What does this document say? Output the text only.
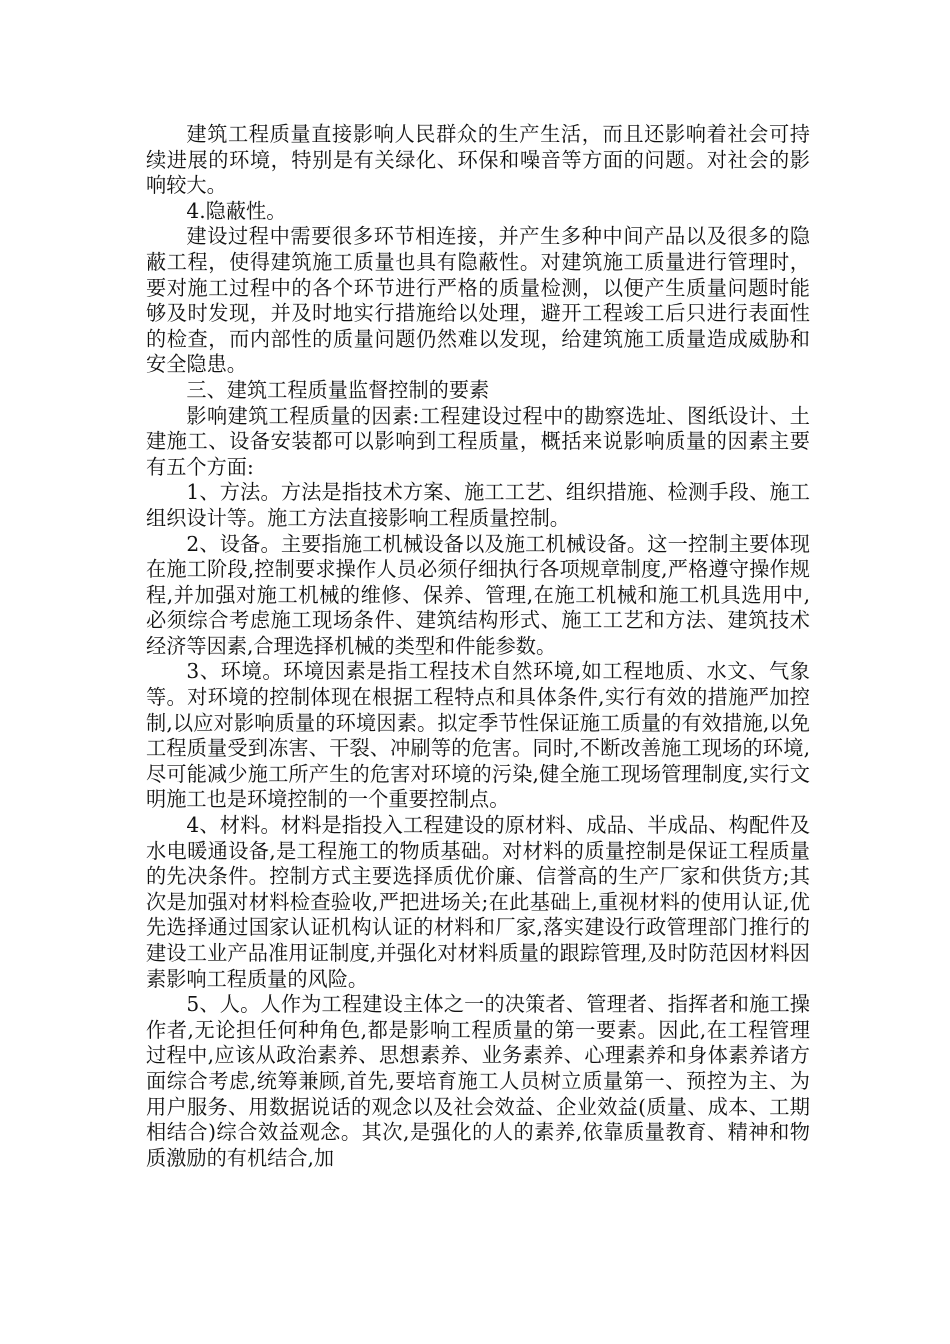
建筑工程质量直接影响人民群众的生产生活，而且还影响着社会可持续进展的环境，特别是有关绿化、环保和噪音等方面的问题。对社会的影响较大。

4.隐蔽性。

建设过程中需要很多环节相连接，并产生多种中间产品以及很多的隐蔽工程，使得建筑施工质量也具有隐蔽性。对建筑施工质量进行管理时，要对施工过程中的各个环节进行严格的质量检测，以便产生质量问题时能够及时发现，并及时地实行措施给以处理，避开工程竣工后只进行表面性的检查，而内部性的质量问题仍然难以发现，给建筑施工质量造成威胁和安全隐患。

三、建筑工程质量监督控制的要素

影响建筑工程质量的因素:工程建设过程中的勘察选址、图纸设计、土建施工、设备安装都可以影响到工程质量，概括来说影响质量的因素主要有五个方面:

1、方法。方法是指技术方案、施工工艺、组织措施、检测手段、施工组织设计等。施工方法直接影响工程质量控制。

2、设备。主要指施工机械设备以及施工机械设备。这一控制主要体现在施工阶段,控制要求操作人员必须仔细执行各项规章制度,严格遵守操作规程,并加强对施工机械的维修、保养、管理,在施工机械和施工机具选用中,必须综合考虑施工现场条件、建筑结构形式、施工工艺和方法、建筑技术经济等因素,合理选择机械的类型和件能参数。

3、环境。环境因素是指工程技术自然环境,如工程地质、水文、气象等。对环境的控制体现在根据工程特点和具体条件,实行有效的措施严加控制,以应对影响质量的环境因素。拟定季节性保证施工质量的有效措施,以免工程质量受到冻害、干裂、冲刷等的危害。同时,不断改善施工现场的环境,尽可能减少施工所产生的危害对环境的污染,健全施工现场管理制度,实行文明施工也是环境控制的一个重要控制点。

4、材料。材料是指投入工程建设的原材料、成品、半成品、构配件及水电暖通设备,是工程施工的物质基础。对材料的质量控制是保证工程质量的先决条件。控制方式主要选择质优价廉、信誉高的生产厂家和供货方;其次是加强对材料检查验收,严把进场关;在此基础上,重视材料的使用认证,优先选择通过国家认证机构认证的材料和厂家,落实建设行政管理部门推行的建设工业产品准用证制度,并强化对材料质量的跟踪管理,及时防范因材料因素影响工程质量的风险。

5、人。人作为工程建设主体之一的决策者、管理者、指挥者和施工操作者,无论担任何种角色,都是影响工程质量的第一要素。因此,在工程管理过程中,应该从政治素养、思想素养、业务素养、心理素养和身体素养诸方面综合考虑,统筹兼顾,首先,要培育施工人员树立质量第一、预控为主、为用户服务、用数据说话的观念以及社会效益、企业效益(质量、成本、工期相结合)综合效益观念。其次,是强化的人的素养,依靠质量教育、精神和物质激励的有机结合,加
